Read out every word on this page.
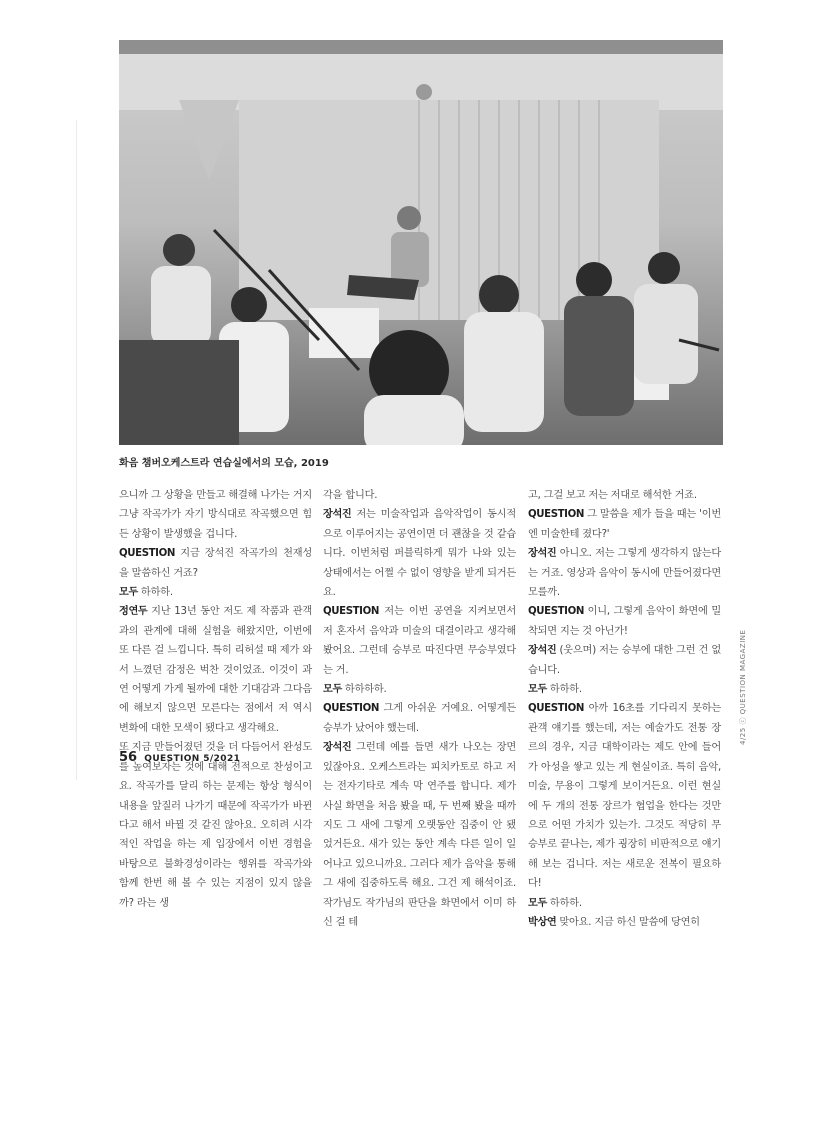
화음 챔버오케스트라 연습실에서의 모습, 2019

으니까 그 상황을 만들고 해결해 나가는 거지 그냥 작곡가가 자기 방식대로 작곡했으면 힘든 상황이 발생했을 겁니다.

QUESTION 지금 장석진 작곡가의 천재성을 말씀하신 거죠?

모두 하하하.

정연두 지난 13년 동안 저도 제 작품과 관객과의 관계에 대해 실험을 해왔지만, 이번에 또 다른 걸 느낍니다. 특히 리허설 때 제가 와서 느꼈던 감정은 벅찬 것이었죠. 이것이 과연 어떻게 가게 될까에 대한 기대감과 그다음에 해보지 않으면 모른다는 점에서 저 역시 변화에 대한 모색이 됐다고 생각해요.

또 지금 만들어졌던 것을 더 다듬어서 완성도를 높여보자는 것에 대해 전적으로 찬성이고요. 작곡가를 달리 하는 문제는 항상 형식이 내용을 앞질러 나가기 때문에 작곡가가 바뀐다고 해서 바뀔 것 같진 않아요. 오히려 시각적인 작업을 하는 제 입장에서 이번 경험을 바탕으로 불화경성이라는 행위를 작곡가와 함께 한번 해 볼 수 있는 지점이 있지 않을까? 라는 생

각을 합니다.

장석진 저는 미술작업과 음악작업이 동시적으로 이루어지는 공연이면 더 괜찮을 것 같습니다. 이번처럼 퍼블릭하게 뭐가 나와 있는 상태에서는 어쩔 수 없이 영향을 받게 되거든요.

QUESTION 저는 이번 공연을 지켜보면서 저 혼자서 음악과 미술의 대결이라고 생각해 봤어요. 그런데 승부로 따진다면 무승부였다는 거.

모두 하하하하.

QUESTION 그게 아쉬운 거예요. 어떻게든 승부가 났어야 했는데.

장석진 그런데 예를 들면 새가 나오는 장면 있잖아요. 오케스트라는 피치카토로 하고 저는 전자기타로 계속 막 연주를 합니다. 제가 사실 화면을 처음 봤을 때, 두 번째 봤을 때까지도 그 새에 그렇게 오랫동안 집중이 안 됐었거든요. 새가 있는 동안 계속 다른 일이 일어나고 있으니까요. 그러다 제가 음악을 통해 그 새에 집중하도록 해요. 그건 제 해석이죠. 작가님도 작가님의 판단을 화면에서 이미 하신 걸 테

고, 그걸 보고 저는 저대로 해석한 거죠.

QUESTION 그 말씀을 제가 들을 때는 '이번엔 미술한테 졌다?'

장석진 아니오. 저는 그렇게 생각하지 않는다는 거죠. 영상과 음악이 동시에 만들어졌다면 모를까.

QUESTION 이니, 그렇게 음악이 화면에 밀착되면 지는 것 아닌가!

장석진 (웃으며) 저는 승부에 대한 그런 건 없습니다.

모두 하하하.

QUESTION 아까 16초를 기다리지 못하는 관객 얘기를 했는데, 저는 예술가도 전통 장르의 경우, 지금 대학이라는 제도 안에 들어가 아성을 쌓고 있는 게 현실이죠. 특히 음악, 미술, 무용이 그렇게 보이거든요. 이런 현실에 두 개의 전통 장르가 협업을 한다는 것만으로 어떤 가치가 있는가. 그것도 적당히 무승부로 끝나는, 제가 굉장히 비판적으로 얘기해 보는 겁니다. 저는 새로운 전복이 필요하다!

모두 하하하.

박상연 맞아요. 지금 하신 말씀에 당연히

56 QUESTION 5/2021
4/25 ⓒ QUESTION MAGAZINE
